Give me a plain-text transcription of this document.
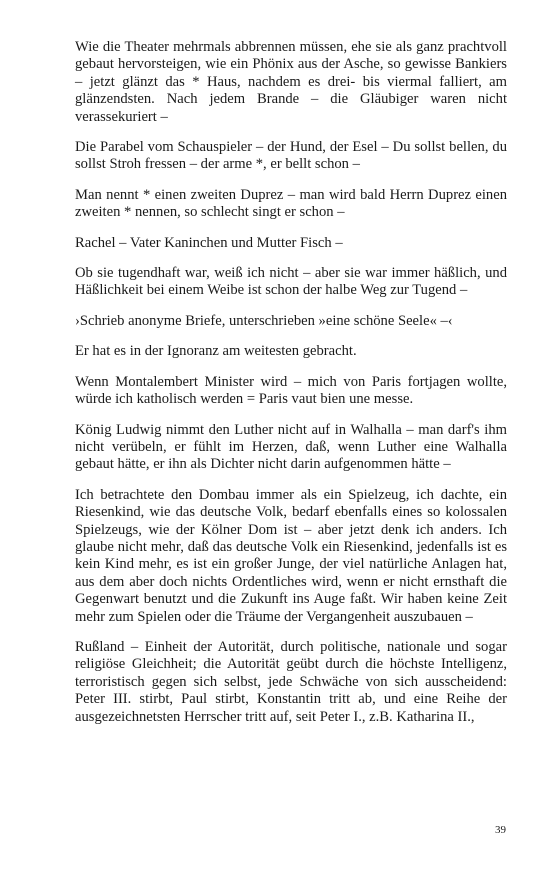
Wie die Theater mehrmals abbrennen müssen, ehe sie als ganz prachtvoll gebaut hervorsteigen, wie ein Phönix aus der Asche, so gewisse Bankiers – jetzt glänzt das * Haus, nachdem es drei- bis viermal falliert, am glänzendsten. Nach jedem Brande – die Gläubiger waren nicht verassekuriert –

Die Parabel vom Schauspieler – der Hund, der Esel – Du sollst bellen, du sollst Stroh fressen – der arme *, er bellt schon –

Man nennt * einen zweiten Duprez – man wird bald Herrn Duprez einen zweiten * nennen, so schlecht singt er schon –

Rachel – Vater Kaninchen und Mutter Fisch –

Ob sie tugendhaft war, weiß ich nicht – aber sie war immer häßlich, und Häßlichkeit bei einem Weibe ist schon der halbe Weg zur Tugend –

›Schrieb anonyme Briefe, unterschrieben »eine schöne Seele« –‹

Er hat es in der Ignoranz am weitesten gebracht.

Wenn Montalembert Minister wird – mich von Paris fortjagen wollte, würde ich katholisch werden = Paris vaut bien une messe.

König Ludwig nimmt den Luther nicht auf in Walhalla – man darf's ihm nicht verübeln, er fühlt im Herzen, daß, wenn Luther eine Walhalla gebaut hätte, er ihn als Dichter nicht darin aufgenommen hätte –

Ich betrachtete den Dombau immer als ein Spielzeug, ich dachte, ein Riesenkind, wie das deutsche Volk, bedarf ebenfalls eines so kolossalen Spielzeugs, wie der Kölner Dom ist – aber jetzt denk ich anders. Ich glaube nicht mehr, daß das deutsche Volk ein Riesenkind, jedenfalls ist es kein Kind mehr, es ist ein großer Junge, der viel natürliche Anlagen hat, aus dem aber doch nichts Ordentliches wird, wenn er nicht ernsthaft die Gegenwart benutzt und die Zukunft ins Auge faßt. Wir haben keine Zeit mehr zum Spielen oder die Träume der Vergangenheit auszubauen –

Rußland – Einheit der Autorität, durch politische, nationale und sogar religiöse Gleichheit; die Autorität geübt durch die höchste Intelligenz, terroristisch gegen sich selbst, jede Schwäche von sich ausscheidend: Peter III. stirbt, Paul stirbt, Konstantin tritt ab, und eine Reihe der ausgezeichnetsten Herrscher tritt auf, seit Peter I., z.B. Katharina II.,

39
